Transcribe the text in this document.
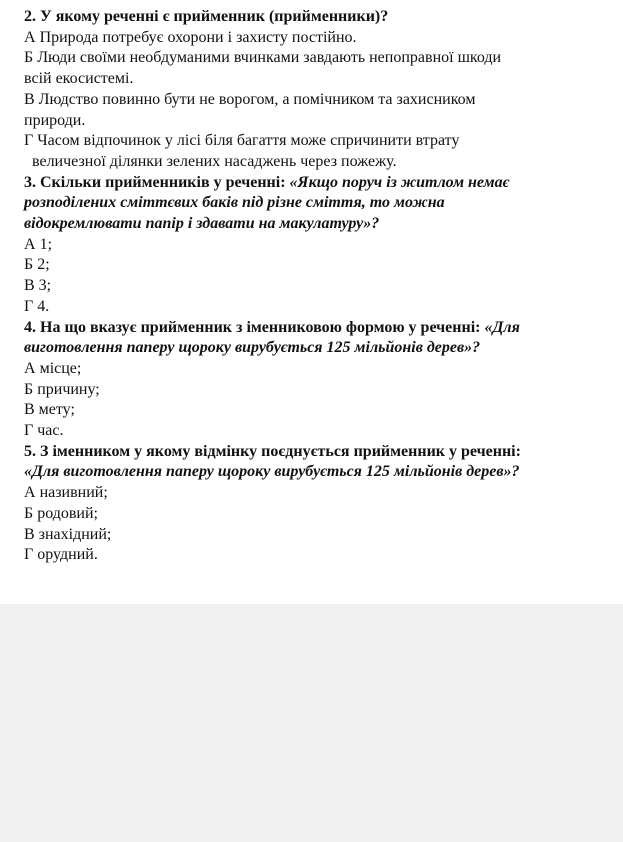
2. У якому реченні є прийменник (прийменники)?
А Природа потребує охорони і захисту постійно.
Б Люди своїми необдуманими вчинками завдають непоправної шкоди
всій екосистемі.
В Людство повинно бути не ворогом, а помічником та захисником
природи.
Г Часом відпочинок у лісі біля багаття може спричинити втрату
величезної ділянки зелених насаджень через пожежу.
3. Скільки прийменників у реченні: «Якщо поруч із житлом немає
розподілених сміттєвих баків під різне сміття, то можна
відокремлювати папір і здавати на макулатуру»?
А 1;
Б 2;
В 3;
Г 4.
4. На що вказує прийменник з іменниковою формою у реченні: «Для
виготовлення паперу щороку вирубується 125 мільйонів дерев»?
А місце;
Б причину;
В мету;
Г час.
5. З іменником у якому відмінку поєднується прийменник у реченні:
«Для виготовлення паперу щороку вирубується 125 мільйонів дерев»?
А називний;
Б родовий;
В знахідний;
Г орудний.
